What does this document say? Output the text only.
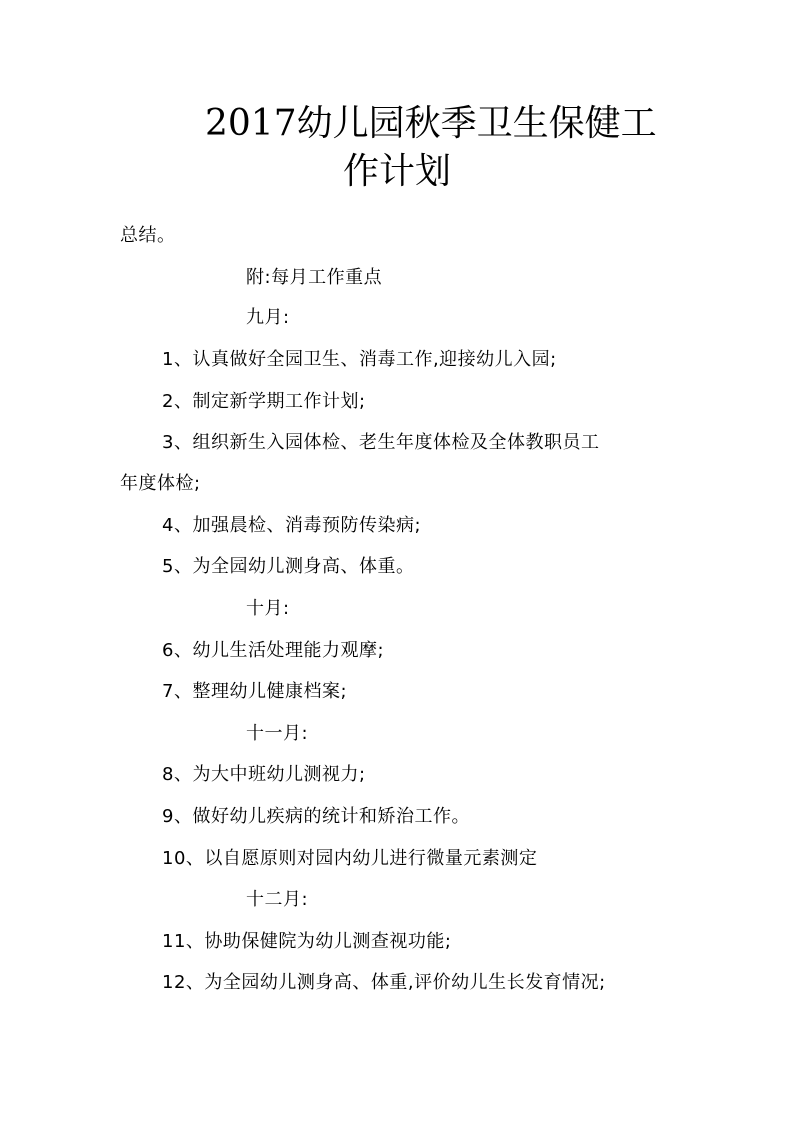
2017幼儿园秋季卫生保健工
作计划
总结。
附:每月工作重点
九月:
1、认真做好全园卫生、消毒工作,迎接幼儿入园;
2、制定新学期工作计划;
3、组织新生入园体检、老生年度体检及全体教职员工
年度体检;
4、加强晨检、消毒预防传染病;
5、为全园幼儿测身高、体重。
十月:
6、幼儿生活处理能力观摩;
7、整理幼儿健康档案;
十一月:
8、为大中班幼儿测视力;
9、做好幼儿疾病的统计和矫治工作。
10、以自愿原则对园内幼儿进行微量元素测定
十二月:
11、协助保健院为幼儿测查视功能;
12、为全园幼儿测身高、体重,评价幼儿生长发育情况;
